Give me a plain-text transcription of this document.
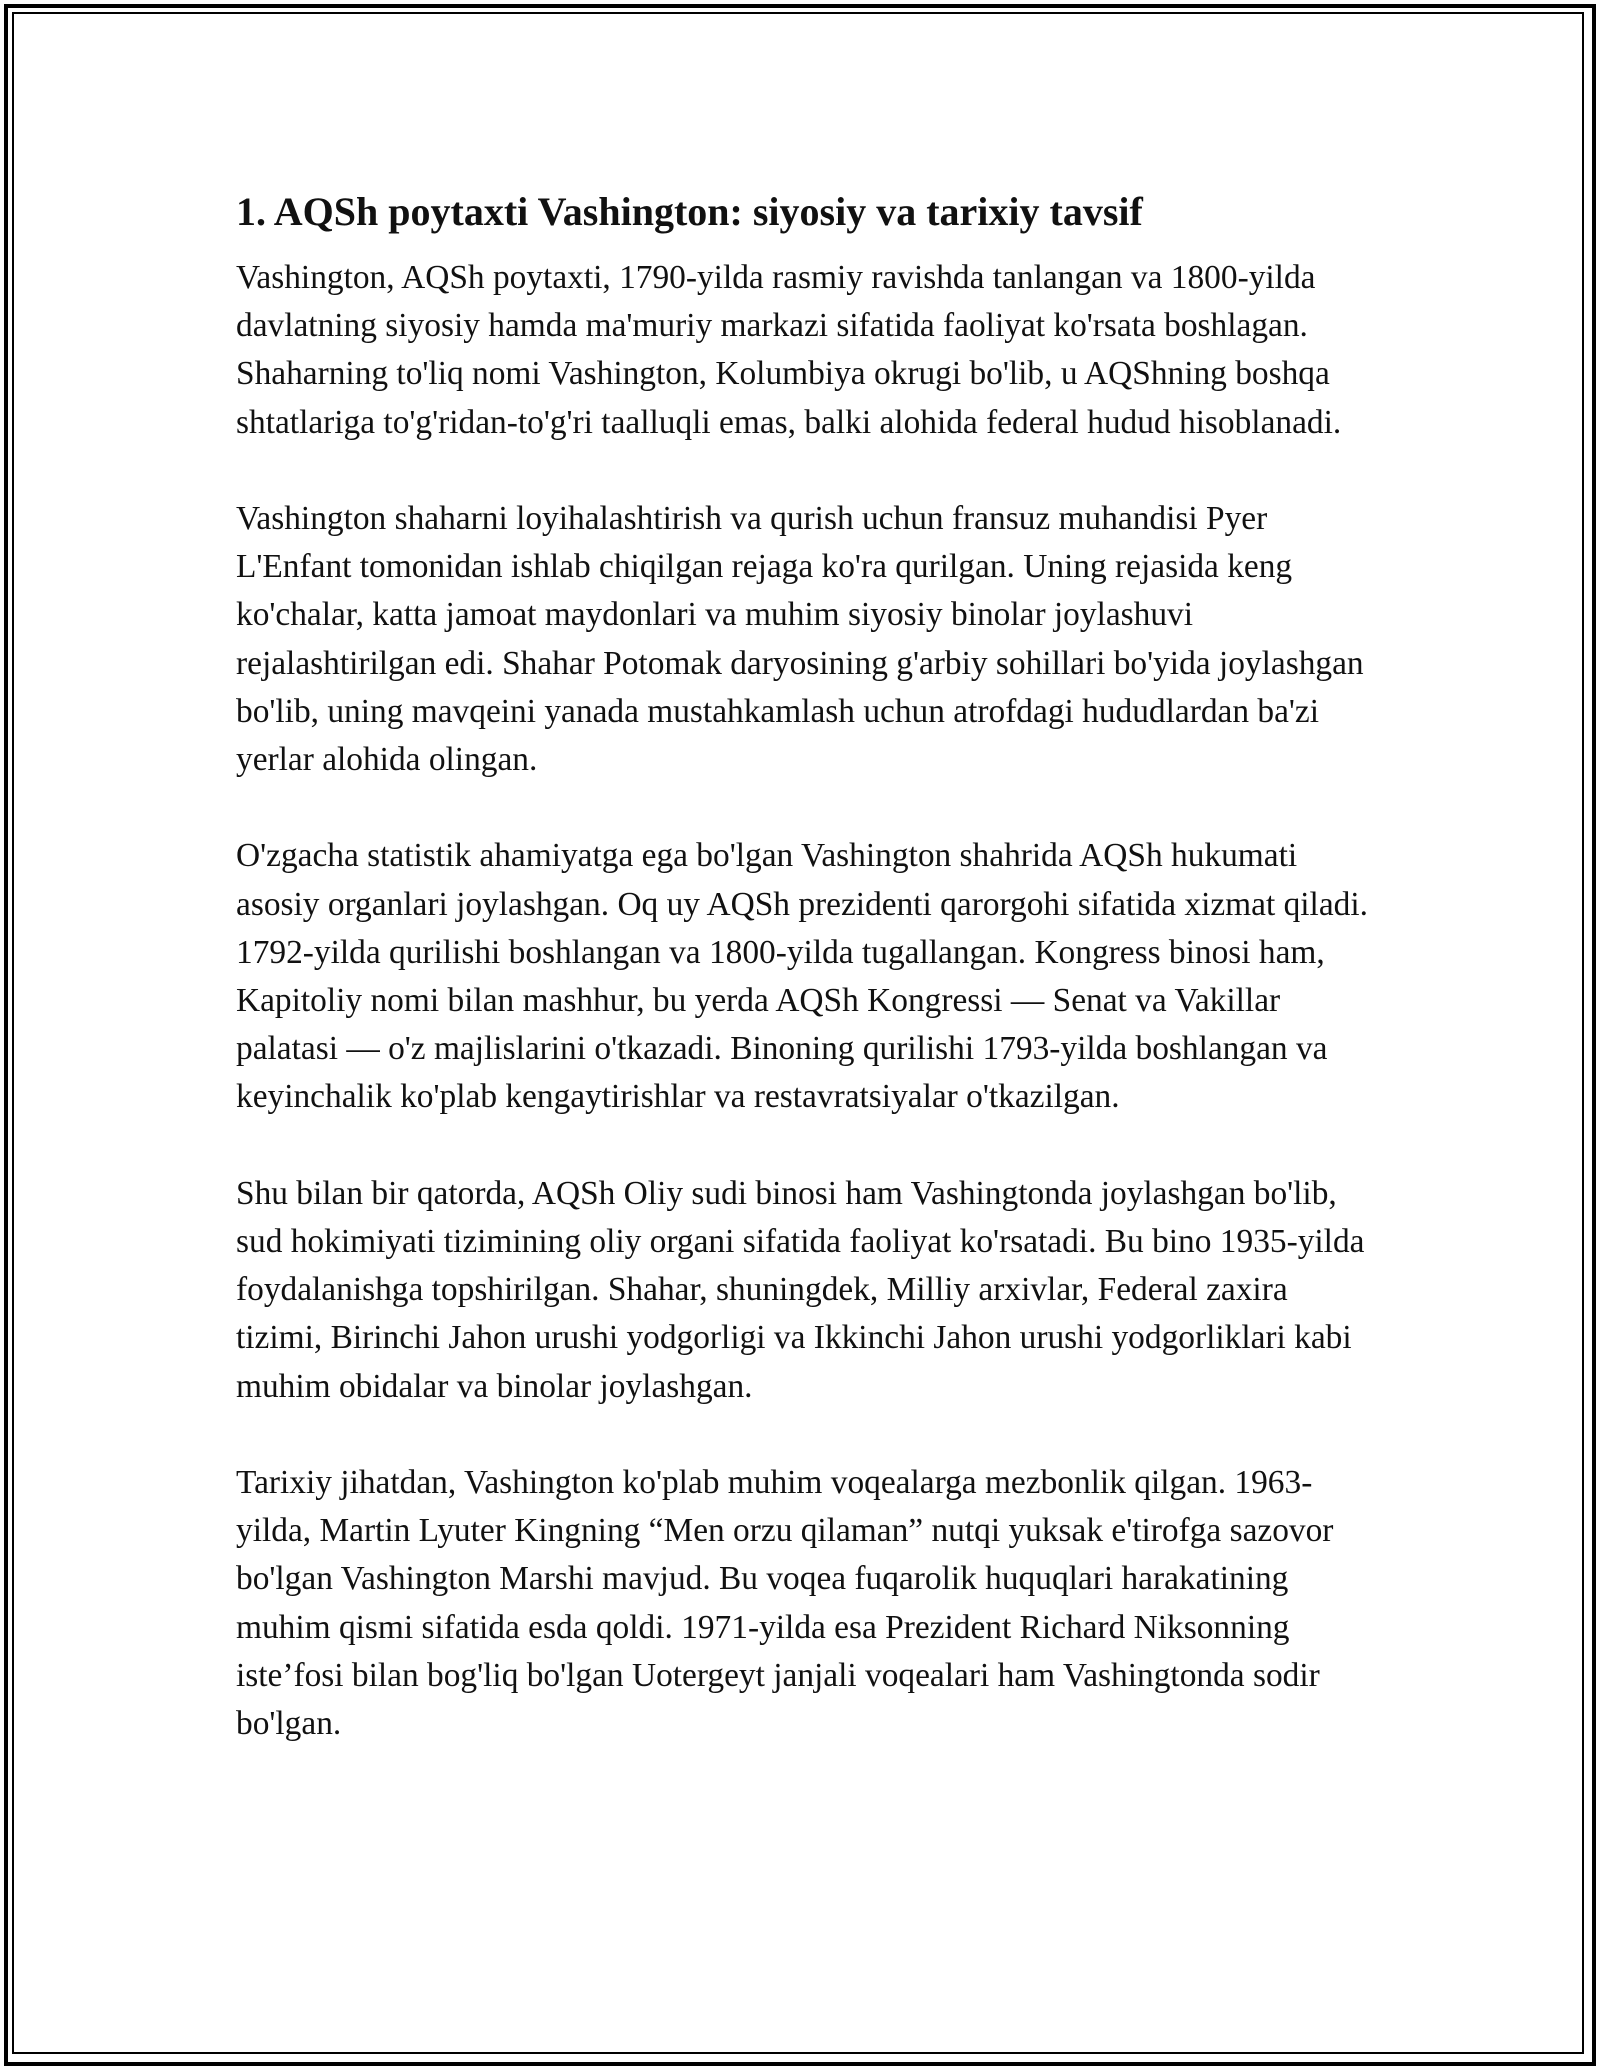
1. AQSh poytaxti Vashington: siyosiy va tarixiy tavsif

Vashington, AQSh poytaxti, 1790-yilda rasmiy ravishda tanlangan va 1800-yilda davlatning siyosiy hamda ma'muriy markazi sifatida faoliyat ko'rsata boshlagan. Shaharning to'liq nomi Vashington, Kolumbiya okrugi bo'lib, u AQShning boshqa shtatlariga to'g'ridan-to'g'ri taalluqli emas, balki alohida federal hudud hisoblanadi.

Vashington shaharni loyihalashtirish va qurish uchun fransuz muhandisi Pyer L'Enfant tomonidan ishlab chiqilgan rejaga ko'ra qurilgan. Uning rejasida keng ko'chalar, katta jamoat maydonlari va muhim siyosiy binolar joylashuvi rejalashtirilgan edi. Shahar Potomak daryosining g'arbiy sohillari bo'yida joylashgan bo'lib, uning mavqeini yanada mustahkamlash uchun atrofdagi hududlardan ba'zi yerlar alohida olingan.

O'zgacha statistik ahamiyatga ega bo'lgan Vashington shahrida AQSh hukumati asosiy organlari joylashgan. Oq uy AQSh prezidenti qarorgohi sifatida xizmat qiladi. 1792-yilda qurilishi boshlangan va 1800-yilda tugallangan. Kongress binosi ham, Kapitoliy nomi bilan mashhur, bu yerda AQSh Kongressi — Senat va Vakillar palatasi — o'z majlislarini o'tkazadi. Binoning qurilishi 1793-yilda boshlangan va keyinchalik ko'plab kengaytirishlar va restavratsiyalar o'tkazilgan.

Shu bilan bir qatorda, AQSh Oliy sudi binosi ham Vashingtonda joylashgan bo'lib, sud hokimiyati tizimining oliy organi sifatida faoliyat ko'rsatadi. Bu bino 1935-yilda foydalanishga topshirilgan. Shahar, shuningdek, Milliy arxivlar, Federal zaxira tizimi, Birinchi Jahon urushi yodgorligi va Ikkinchi Jahon urushi yodgorliklari kabi muhim obidalar va binolar joylashgan.

Tarixiy jihatdan, Vashington ko'plab muhim voqealarga mezbonlik qilgan. 1963-yilda, Martin Lyuter Kingning “Men orzu qilaman” nutqi yuksak e'tirofga sazovor bo'lgan Vashington Marshi mavjud. Bu voqea fuqarolik huquqlari harakatining muhim qismi sifatida esda qoldi. 1971-yilda esa Prezident Richard Niksonning iste’fosi bilan bog'liq bo'lgan Uotergeyt janjali voqealari ham Vashingtonda sodir bo'lgan.
